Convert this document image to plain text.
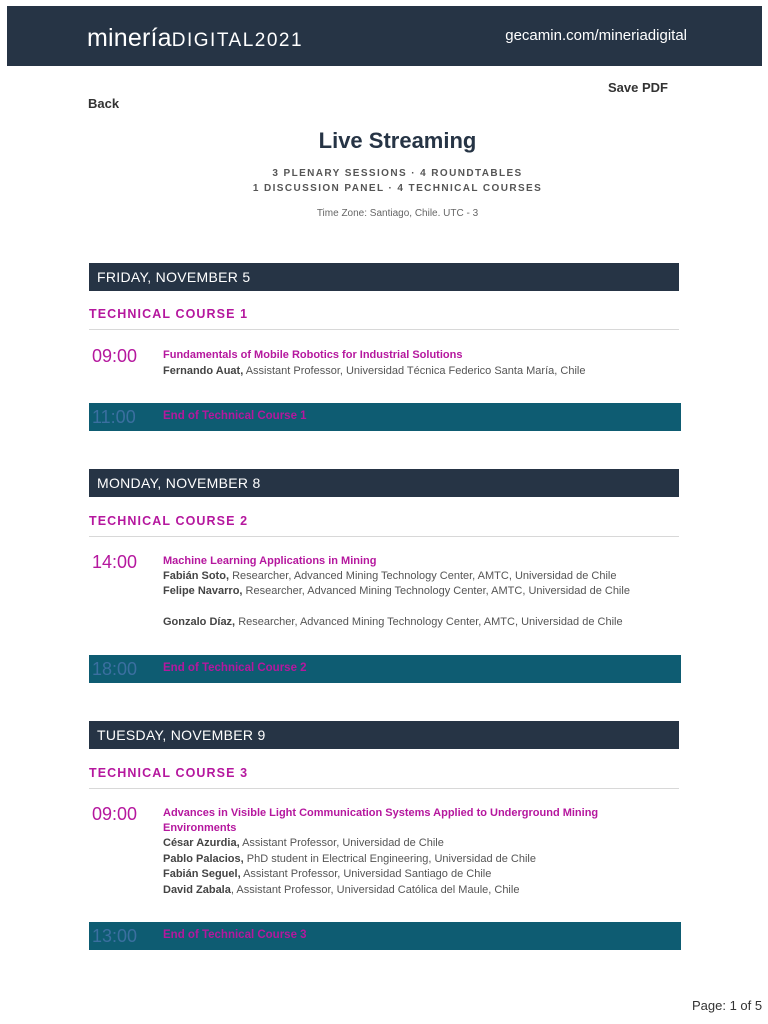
mineríaDIGITAL2021	gecamin.com/mineriadigital
Save PDF
Back
Live Streaming
3 PLENARY SESSIONS · 4 ROUNDTABLES
1 DISCUSSION PANEL · 4 TECHNICAL COURSES
Time Zone: Santiago, Chile. UTC - 3
FRIDAY, NOVEMBER 5
TECHNICAL COURSE 1
09:00 Fundamentals of Mobile Robotics for Industrial Solutions
Fernando Auat, Assistant Professor, Universidad Técnica Federico Santa María, Chile
11:00 End of Technical Course 1
MONDAY, NOVEMBER 8
TECHNICAL COURSE 2
14:00 Machine Learning Applications in Mining
Fabián Soto, Researcher, Advanced Mining Technology Center, AMTC, Universidad de Chile
Felipe Navarro, Researcher, Advanced Mining Technology Center, AMTC, Universidad de Chile
Gonzalo Díaz, Researcher, Advanced Mining Technology Center, AMTC, Universidad de Chile
18:00 End of Technical Course 2
TUESDAY, NOVEMBER 9
TECHNICAL COURSE 3
09:00 Advances in Visible Light Communication Systems Applied to Underground Mining Environments
César Azurdia, Assistant Professor, Universidad de Chile
Pablo Palacios, PhD student in Electrical Engineering, Universidad de Chile
Fabián Seguel, Assistant Professor, Universidad Santiago de Chile
David Zabala, Assistant Professor, Universidad Católica del Maule, Chile
13:00 End of Technical Course 3
Page: 1 of 5
